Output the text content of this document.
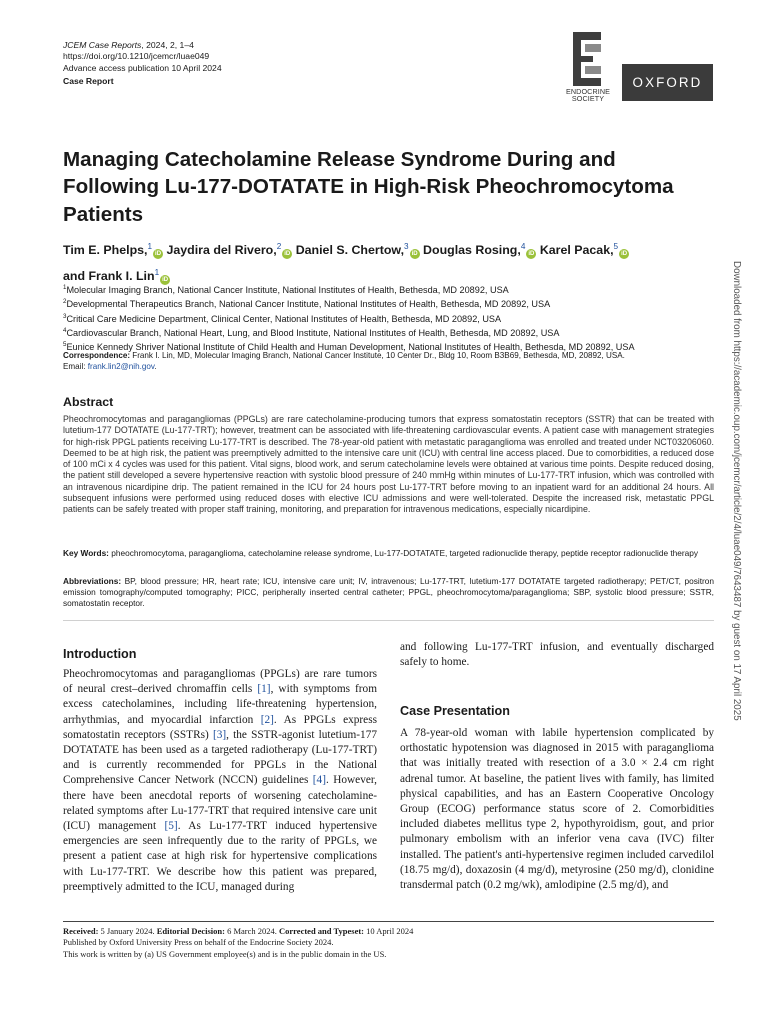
JCEM Case Reports, 2024, 2, 1–4
https://doi.org/10.1210/jcemcr/luae049
Advance access publication 10 April 2024
Case Report
ENDOCRINE
SOCIETY
OXFORD
Managing Catecholamine Release Syndrome During and Following Lu-177-DOTATATE in High-Risk Pheochromocytoma Patients
Tim E. Phelps,$^1$iD Jaydira del Rivero,$^2$iD Daniel S. Chertow,$^3$iD Douglas Rosing,$^4$iD Karel Pacak,$^5$iD
and Frank I. Lin$^1$iD
$^1$Molecular Imaging Branch, National Cancer Institute, National Institutes of Health, Bethesda, MD 20892, USA
$^2$Developmental Therapeutics Branch, National Cancer Institute, National Institutes of Health, Bethesda, MD 20892, USA
$^3$Critical Care Medicine Department, Clinical Center, National Institutes of Health, Bethesda, MD 20892, USA
$^4$Cardiovascular Branch, National Heart, Lung, and Blood Institute, National Institutes of Health, Bethesda, MD 20892, USA
$^5$Eunice Kennedy Shriver National Institute of Child Health and Human Development, National Institutes of Health, Bethesda, MD 20892, USA
Correspondence: Frank I. Lin, MD, Molecular Imaging Branch, National Cancer Institute, 10 Center Dr., Bldg 10, Room B3B69, Bethesda, MD, 20892, USA.
Email: frank.lin2@nih.gov.
Abstract
Pheochromocytomas and paragangliomas (PPGLs) are rare catecholamine-producing tumors that express somatostatin receptors (SSTR) that can be treated with lutetium-177 DOTATATE (Lu-177-TRT); however, treatment can be associated with life-threatening cardiovascular events. A patient case with management strategies for high-risk PPGL patients receiving Lu-177-TRT is described. The 78-year-old patient with metastatic paraganglioma was enrolled and treated under NCT03206060. Deemed to be at high risk, the patient was preemptively admitted to the intensive care unit (ICU) with central line access placed. Due to comorbidities, a reduced dose of 100 mCi x 4 cycles was used for this patient. Vital signs, blood work, and serum catecholamine levels were obtained at various time points. Despite reduced dosing, the patient still developed a severe hypertensive reaction with systolic blood pressure of 240 mmHg within minutes of Lu-177-TRT infusion, which was controlled with an intravenous nicardipine drip. The patient remained in the ICU for 24 hours post Lu-177-TRT before moving to an inpatient ward for an additional 24 hours. All subsequent infusions were performed using reduced doses with elective ICU admissions and were well-tolerated. Despite the increased risk, metastatic PPGL patients can be safely treated with proper staff training, monitoring, and preparation for intravenous medications, especially nicardipine.
Key Words: pheochromocytoma, paraganglioma, catecholamine release syndrome, Lu-177-DOTATATE, targeted radionuclide therapy, peptide receptor radionuclide therapy
Abbreviations: BP, blood pressure; HR, heart rate; ICU, intensive care unit; IV, intravenous; Lu-177-TRT, lutetium-177 DOTATATE targeted radiotherapy; PET/CT, positron emission tomography/computed tomography; PICC, peripherally inserted central catheter; PPGL, pheochromocytoma/paraganglioma; SBP, systolic blood pressure; SSTR, somatostatin receptor.
Introduction
Pheochromocytomas and paragangliomas (PPGLs) are rare tumors of neural crest–derived chromaffin cells [1], with symptoms from excess catecholamines, including life-threatening hypertension, arrhythmias, and myocardial infarction [2]. As PPGLs express somatostatin receptors (SSTRs) [3], the SSTR-agonist lutetium-177 DOTATATE has been used as a targeted radiotherapy (Lu-177-TRT) and is currently recommended for PPGLs in the National Comprehensive Cancer Network (NCCN) guidelines [4]. However, there have been anecdotal reports of worsening catecholamine-related symptoms after Lu-177-TRT that required intensive care unit (ICU) management [5]. As Lu-177-TRT induced hypertensive emergencies are seen infrequently due to the rarity of PPGLs, we present a patient case at high risk for hypertensive complications with Lu-177-TRT. We describe how this patient was prepared, preemptively admitted to the ICU, managed during
and following Lu-177-TRT infusion, and eventually discharged safely to home.
Case Presentation
A 78-year-old woman with labile hypertension complicated by orthostatic hypotension was diagnosed in 2015 with paraganglioma that was initially treated with resection of a 3.0 × 2.4 cm right adrenal tumor. At baseline, the patient lives with family, has limited physical capabilities, and has an Eastern Cooperative Oncology Group (ECOG) performance status score of 2. Comorbidities included diabetes mellitus type 2, hypothyroidism, gout, and prior pulmonary embolism with an inferior vena cava (IVC) filter installed. The patient's anti-hypertensive regimen included carvedilol (18.75 mg/d), doxazosin (4 mg/d), metyrosine (250 mg/d), clonidine transdermal patch (0.2 mg/wk), amlodipine (2.5 mg/d), and
Received: 5 January 2024. Editorial Decision: 6 March 2024. Corrected and Typeset: 10 April 2024
Published by Oxford University Press on behalf of the Endocrine Society 2024.
This work is written by (a) US Government employee(s) and is in the public domain in the US.
Downloaded from https://academic.oup.com/jcemcr/article/2/4/luae049/7643487 by guest on 17 April 2025
